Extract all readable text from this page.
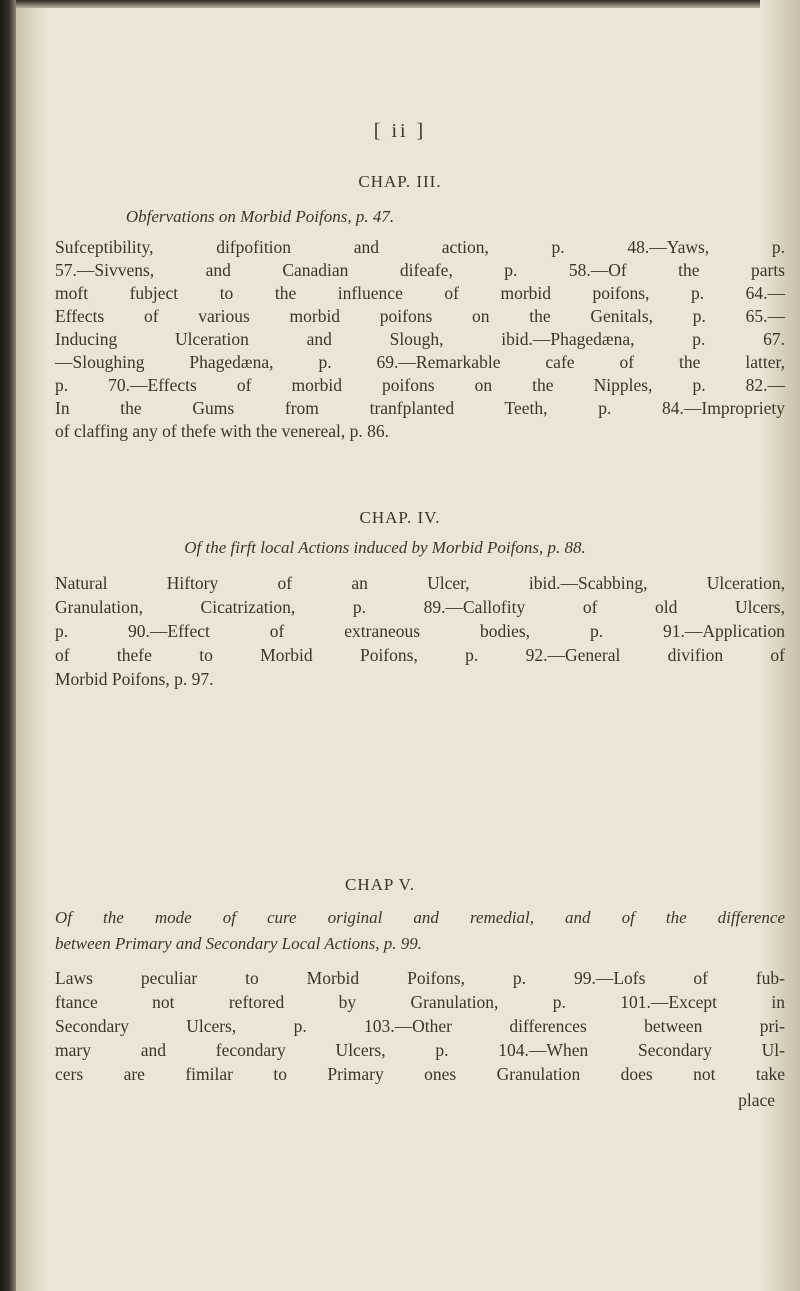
[ ii ]
CHAP. III.
Obfervations on Morbid Poifons, p. 47.
Sufceptibility, difpofition and action, p. 48.—Yaws, p.
57.—Sivvens, and Canadian difeafe, p. 58.—Of the parts
moft fubject to the influence of morbid poifons, p. 64.—
Effects of various morbid poifons on the Genitals, p. 65.—
Inducing Ulceration and Slough, ibid.—Phagedæna, p. 67.
—Sloughing Phagedæna, p. 69.—Remarkable cafe of the latter,
p. 70.—Effects of morbid poifons on the Nipples, p. 82.—
In the Gums from tranfplanted Teeth, p. 84.—Impropriety
of claffing any of thefe with the venereal, p. 86.
CHAP. IV.
Of the firft local Actions induced by Morbid Poifons, p. 88.
Natural Hiftory of an Ulcer, ibid.—Scabbing, Ulceration,
Granulation, Cicatrization, p. 89.—Callofity of old Ulcers,
p. 90.—Effect of extraneous bodies, p. 91.—Application
of thefe to Morbid Poifons, p. 92.—General divifion of
Morbid Poifons, p. 97.
CHAP V.
Of the mode of cure original and remedial, and of the difference
between Primary and Secondary Local Actions, p. 99.
Laws peculiar to Morbid Poifons, p. 99.—Lofs of fub-
ftance not reftored by Granulation, p. 101.—Except in
Secondary Ulcers, p. 103.—Other differences between pri-
mary and fecondary Ulcers, p. 104.—When Secondary Ul-
cers are fimilar to Primary ones Granulation does not take
place
